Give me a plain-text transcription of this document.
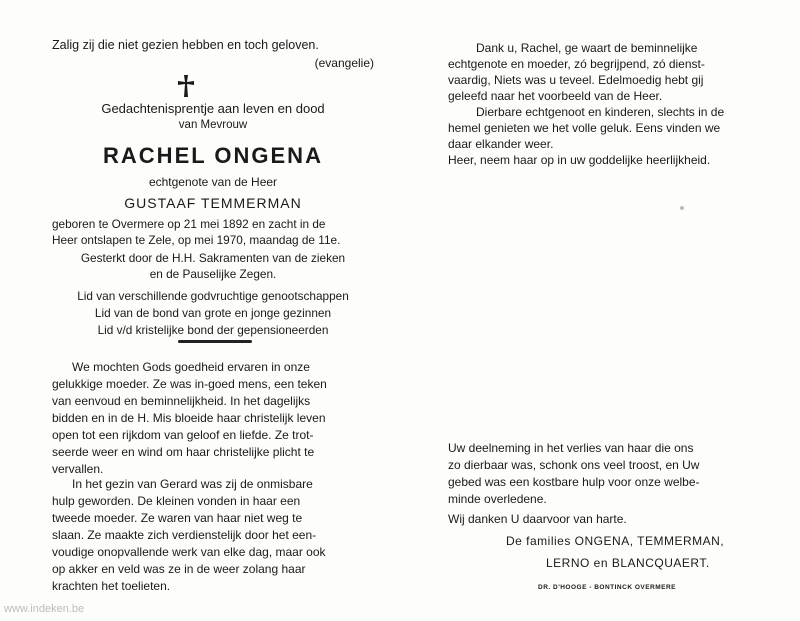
Zalig zij die niet gezien hebben en toch geloven.
(evangelie)
Gedachtenisprentje aan leven en dood
van Mevrouw
RACHEL ONGENA
echtgenote van de Heer
GUSTAAF TEMMERMAN
geboren te Overmere op 21 mei 1892 en zacht in de
Heer ontslapen te Zele, op mei 1970, maandag de 11e.
Gesterkt door de H.H. Sakramenten van de zieken
en de Pauselijke Zegen.
Lid van verschillende godvruchtige genootschappen
Lid van de bond van grote en jonge gezinnen
Lid v/d kristelijke bond der gepensioneerden
We mochten Gods goedheid ervaren in onze
gelukkige moeder. Ze was in-goed mens, een teken
van eenvoud en beminnelijkheid. In het dagelijks
bidden en in de H. Mis bloeide haar christelijk leven
open tot een rijkdom van geloof en liefde. Ze trot-
seerde weer en wind om haar christelijke plicht te
vervallen.
In het gezin van Gerard was zij de onmisbare
hulp geworden. De kleinen vonden in haar een
tweede moeder. Ze waren van haar niet weg te
slaan. Ze maakte zich verdienstelijk door het een-
voudige onopvallende werk van elke dag, maar ook
op akker en veld was ze in de weer zolang haar
krachten het toelieten.
Dank u, Rachel, ge waart de beminnelijke
echtgenote en moeder, zó begrijpend, zó dienst-
vaardig, Niets was u teveel. Edelmoedig hebt gij
geleefd naar het voorbeeld van de Heer.
Dierbare echtgenoot en kinderen, slechts in de
hemel genieten we het volle geluk. Eens vinden we
daar elkander weer.
Heer, neem haar op in uw goddelijke heerlijkheid.
Uw deelneming in het verlies van haar die ons
zo dierbaar was, schonk ons veel troost, en Uw
gebed was een kostbare hulp voor onze welbe-
minde overledene.
Wij danken U daarvoor van harte.
De families ONGENA, TEMMERMAN,
LERNO en BLANCQUAERT.
DR. D'HOOGE - BONTINCK OVERMERE
www.indeken.be
